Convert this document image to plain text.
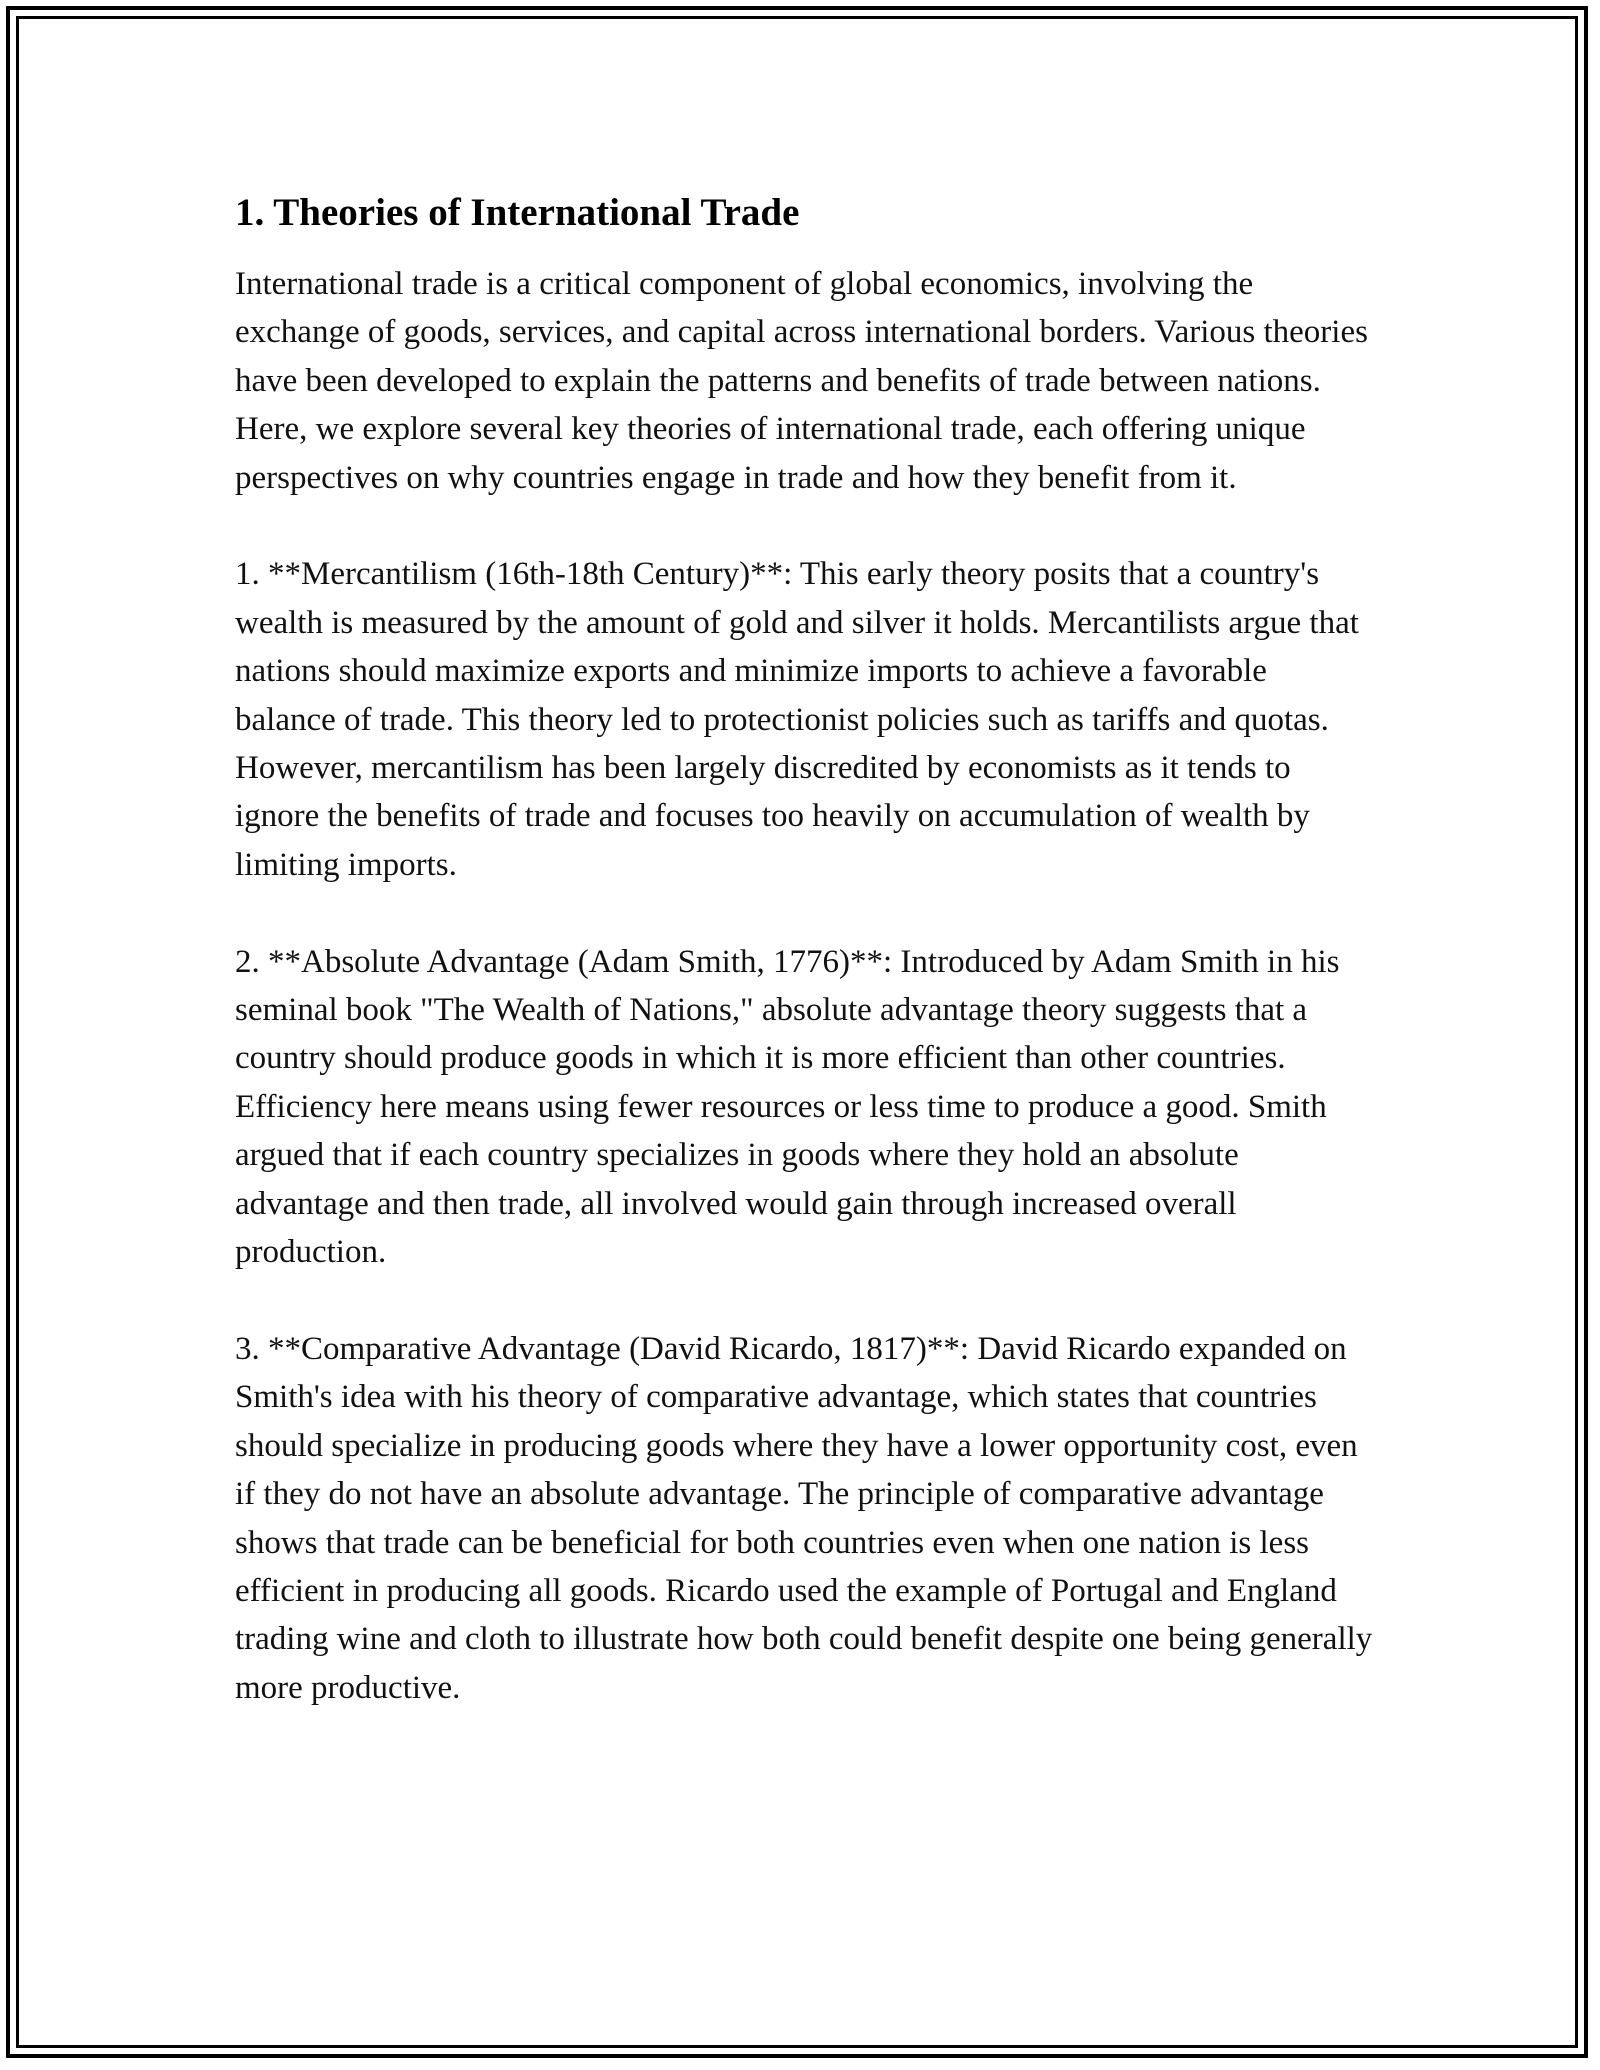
1. Theories of International Trade

International trade is a critical component of global economics, involving the exchange of goods, services, and capital across international borders. Various theories have been developed to explain the patterns and benefits of trade between nations. Here, we explore several key theories of international trade, each offering unique perspectives on why countries engage in trade and how they benefit from it.

1. **Mercantilism (16th-18th Century)**: This early theory posits that a country's wealth is measured by the amount of gold and silver it holds. Mercantilists argue that nations should maximize exports and minimize imports to achieve a favorable balance of trade. This theory led to protectionist policies such as tariffs and quotas. However, mercantilism has been largely discredited by economists as it tends to ignore the benefits of trade and focuses too heavily on accumulation of wealth by limiting imports.

2. **Absolute Advantage (Adam Smith, 1776)**: Introduced by Adam Smith in his seminal book "The Wealth of Nations," absolute advantage theory suggests that a country should produce goods in which it is more efficient than other countries. Efficiency here means using fewer resources or less time to produce a good. Smith argued that if each country specializes in goods where they hold an absolute advantage and then trade, all involved would gain through increased overall production.

3. **Comparative Advantage (David Ricardo, 1817)**: David Ricardo expanded on Smith's idea with his theory of comparative advantage, which states that countries should specialize in producing goods where they have a lower opportunity cost, even if they do not have an absolute advantage. The principle of comparative advantage shows that trade can be beneficial for both countries even when one nation is less efficient in producing all goods. Ricardo used the example of Portugal and England trading wine and cloth to illustrate how both could benefit despite one being generally more productive.
